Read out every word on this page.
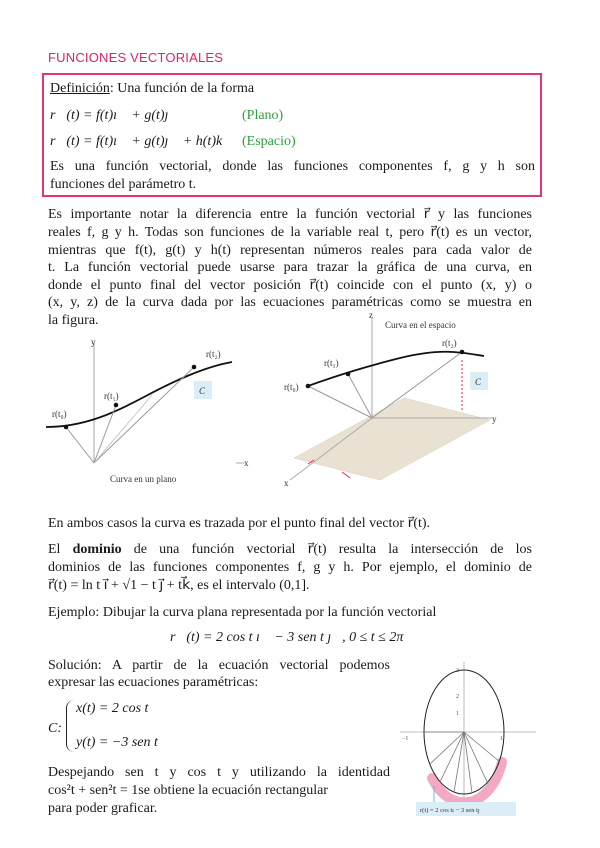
FUNCIONES VECTORIALES
Definición: Una función de la forma
r⃗(t) = f(t)ı⃗ + g(t)ȷ⃗	(Plano)
r⃗(t) = f(t)ı⃗ + g(t)ȷ⃗ + h(t)k⃗ (Espacio)
Es una función vectorial, donde las funciones componentes f, g y h son
funciones del parámetro t.
Es importante notar la diferencia entre la función vectorial r⃗ y las funciones
reales f, g y h. Todas son funciones de la variable real t, pero r⃗(t) es un vector,
mientras que f(t), g(t) y h(t) representan números reales para cada valor de
t. La función vectorial puede usarse para trazar la gráfica de una curva, en
donde el punto final del vector posición r⃗(t) coincide con el punto (x, y) o
(x, y, z) de la curva dada por las ecuaciones paramétricas como se muestra en
la figura.
y
x
r(t₀)
r(t₁)
r(t₂)
C
Curva en un plano
z
y
x
Curva en el espacio
r(t₀)
r(t₁)
r(t₂)
C
En ambos casos la curva es trazada por el punto final del vector r⃗(t).
El dominio de una función vectorial r⃗(t) resulta la intersección de los
dominios de las funciones componentes f, g y h. Por ejemplo, el dominio de
r⃗(t) = ln t ı⃗ + √1 − t ȷ⃗ + tk⃗, es el intervalo (0,1].
Ejemplo: Dibujar la curva plana representada por la función vectorial
r⃗(t) = 2 cos t ı⃗ − 3 sen t ȷ⃗, 0 ≤ t ≤ 2π
Solución: A partir de la ecuación vectorial podemos
expresar las ecuaciones paramétricas:
C:
x(t) = 2 cos t
y(t) = −3 sen t
Despejando sen t y cos t y utilizando la identidad
cos²t + sen²t = 1se obtiene la ecuación rectangular
para poder graficar.
−1	1
3
2
1
r(t) = 2 cos tı − 3 sen tȷ
